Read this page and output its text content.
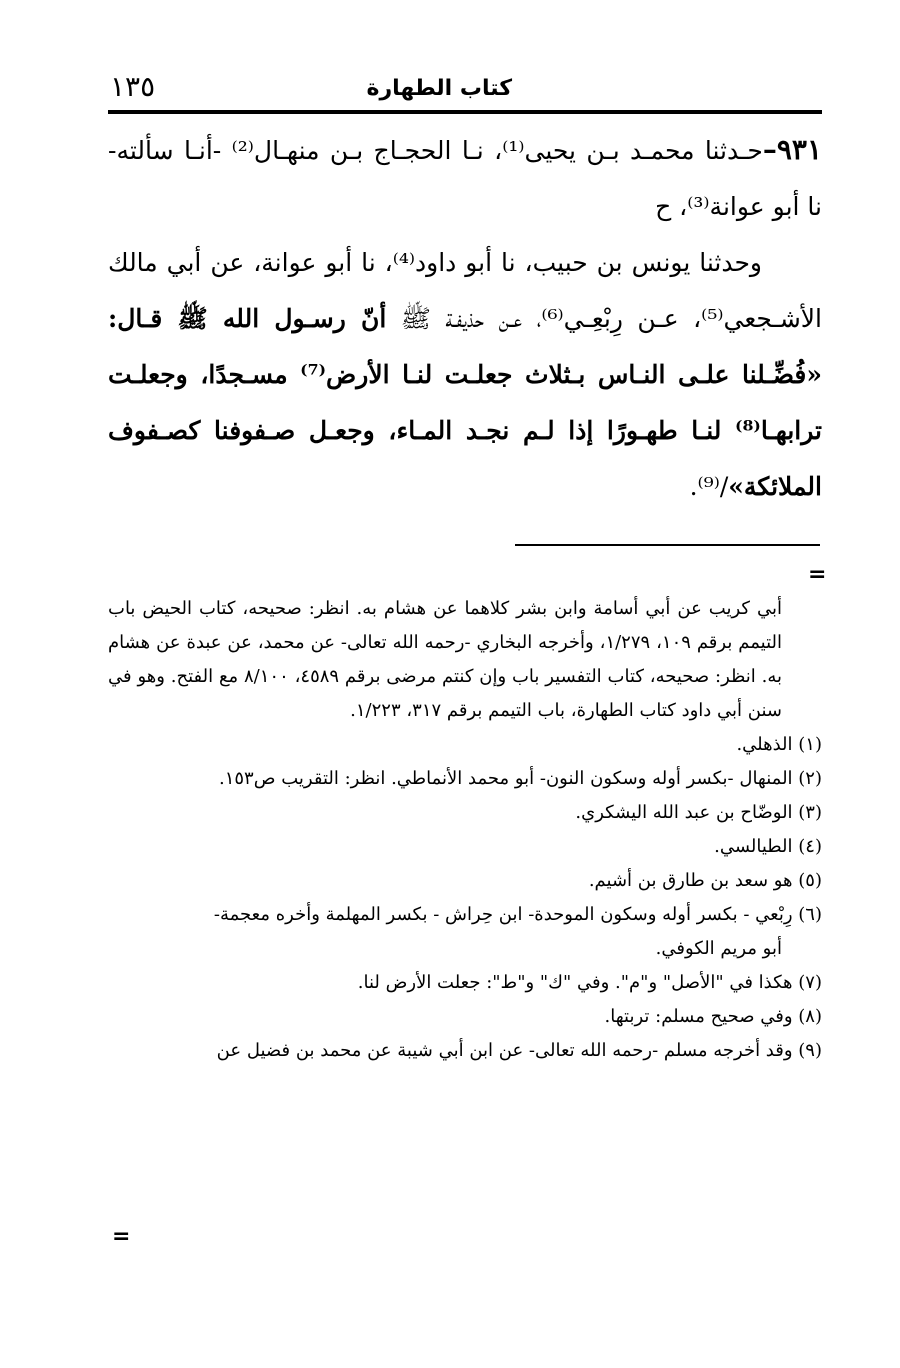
كتاب الطهارة
١٣٥

٩٣١–حـدثنا محمـد بـن يحيى⁽¹⁾، نـا الحجـاج بـن منهـال⁽²⁾ -أنـا سألته- نا أبو عوانة⁽³⁾، ح

وحدثنا يونس بن حبيب، نا أبو داود⁽⁴⁾، نا أبو عوانة، عن أبي مالك الأشـجعي⁽⁵⁾، عـن رِبْعِـي⁽⁶⁾، عـن حذيفـة ﷺ أنّ رسـول الله ﷺ قـال: «فُضِّـلنا علـى النـاس بـثلاث جعلـت لنـا الأرض⁽⁷⁾ مسـجدًا، وجعلـت ترابهـا⁽⁸⁾ لنـا طهـورًا إذا لـم نجـد المـاء، وجعـل صـفوفنا كصـفوف الملائكة»/⁽⁹⁾.

=

أبي كريب عن أبي أسامة وابن بشر كلاهما عن هشام به. انظر: صحيحه، كتاب الحيض باب التيمم برقم ١٠٩، ١/٢٧٩، وأخرجه البخاري -رحمه الله تعالى- عن محمد، عن عبدة عن هشام به. انظر: صحيحه، كتاب التفسير باب وإن كنتم مرضى برقم ٤٥٨٩، ٨/١٠٠ مع الفتح. وهو في سنن أبي داود كتاب الطهارة، باب التيمم برقم ٣١٧، ١/٢٢٣.

(١) الذهلي.

(٢) المنهال -بكسر أوله وسكون النون- أبو محمد الأنماطي. انظر: التقريب ص١٥٣.

(٣) الوضّاح بن عبد الله اليشكري.

(٤) الطيالسي.

(٥) هو سعد بن طارق بن أشيم.

(٦) رِبْعي - بكسر أوله وسكون الموحدة- ابن حِراش - بكسر المهلمة وأخره معجمة-

أبو مريم الكوفي.

(٧) هكذا في "الأصل" و"م". وفي "ك" و"ط": جعلت الأرض لنا.

(٨) وفي صحيح مسلم: تربتها.

(٩) وقد أخرجه مسلم -رحمه الله تعالى- عن ابن أبي شيبة عن محمد بن فضيل عن

=
